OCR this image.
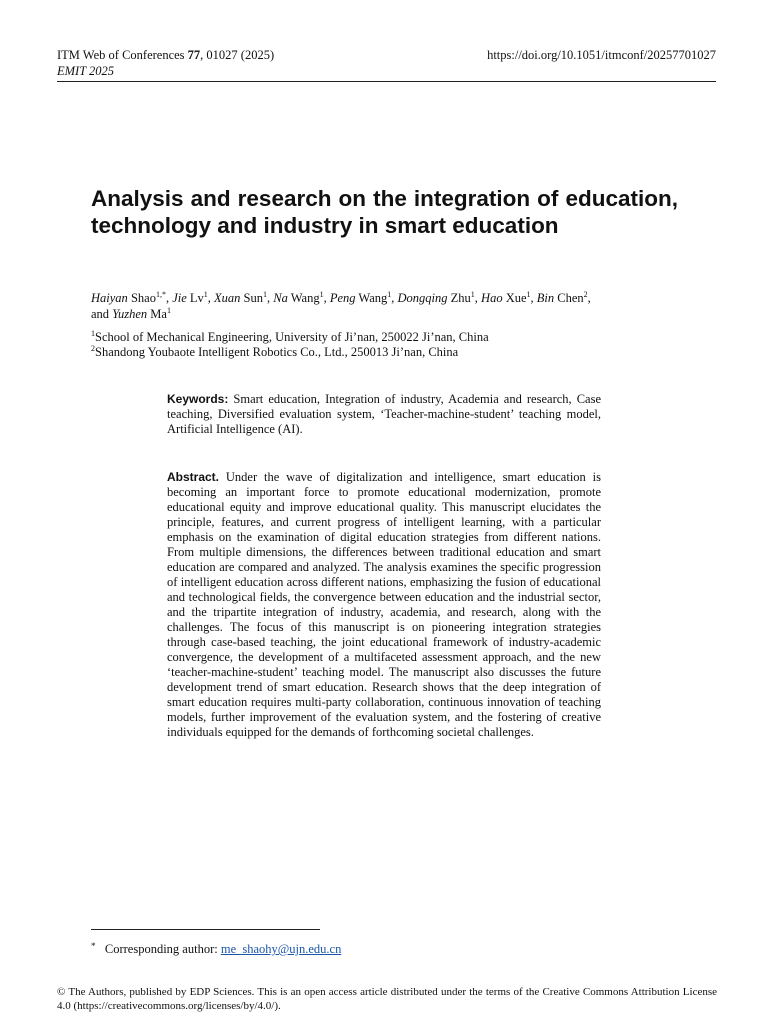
ITM Web of Conferences 77, 01027 (2025)	https://doi.org/10.1051/itmconf/20257701027
EMIT 2025
Analysis and research on the integration of education, technology and industry in smart education
Haiyan Shao$^{1,*}$, Jie Lv$^1$, Xuan Sun$^1$, Na Wang$^1$, Peng Wang$^1$, Dongqing Zhu$^1$, Hao Xue$^1$, Bin Chen$^2$,
and Yuzhen Ma$^1$
$^1$School of Mechanical Engineering, University of Ji’nan, 250022 Ji’nan, China
$^2$Shandong Youbaote Intelligent Robotics Co., Ltd., 250013 Ji’nan, China
Keywords: Smart education, Integration of industry, Academia and research, Case teaching, Diversified evaluation system, ‘Teacher-machine-student’ teaching model, Artificial Intelligence (AI).
Abstract. Under the wave of digitalization and intelligence, smart education is becoming an important force to promote educational modernization, promote educational equity and improve educational quality. This manuscript elucidates the principle, features, and current progress of intelligent learning, with a particular emphasis on the examination of digital education strategies from different nations. From multiple dimensions, the differences between traditional education and smart education are compared and analyzed. The analysis examines the specific progression of intelligent education across different nations, emphasizing the fusion of educational and technological fields, the convergence between education and the industrial sector, and the tripartite integration of industry, academia, and research, along with the challenges. The focus of this manuscript is on pioneering integration strategies through case-based teaching, the joint educational framework of industry-academic convergence, the development of a multifaceted assessment approach, and the new ‘teacher-machine-student’ teaching model. The manuscript also discusses the future development trend of smart education. Research shows that the deep integration of smart education requires multi-party collaboration, continuous innovation of teaching models, further improvement of the evaluation system, and the fostering of creative individuals equipped for the demands of forthcoming societal challenges.
* Corresponding author: me_shaohy@ujn.edu.cn
© The Authors, published by EDP Sciences. This is an open access article distributed under the terms of the Creative Commons Attribution License 4.0 (https://creativecommons.org/licenses/by/4.0/).
